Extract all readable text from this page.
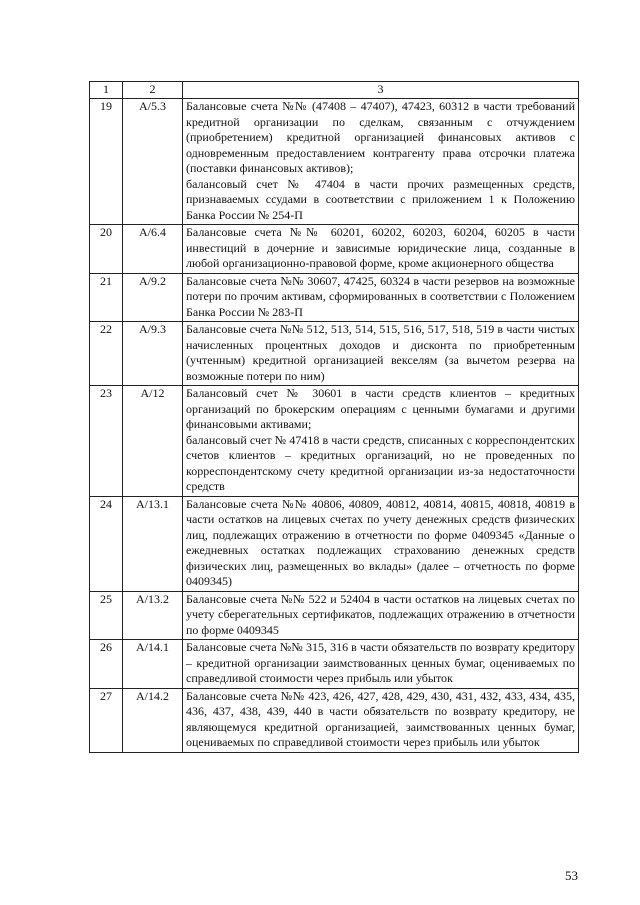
1	2	3
19	А/5.3	Балансовые счета №№ (47408 – 47407), 47423, 60312 в части требований кредитной организации по сделкам, связанным с отчуждением (приобретением) кредитной организацией финансовых активов с одновременным предоставлением контрагенту права отсрочки платежа (поставки финансовых активов);
балансовый счет № 47404 в части прочих размещенных средств, признаваемых ссудами в соответствии с приложением 1 к Положению Банка России № 254-П

20	А/6.4	Балансовые счета №№ 60201, 60202, 60203, 60204, 60205 в части инвестиций в дочерние и зависимые юридические лица, созданные в любой организационно-правовой форме, кроме акционерного общества

21	А/9.2	Балансовые счета №№ 30607, 47425, 60324 в части резервов на возможные потери по прочим активам, сформированных в соответствии с Положением Банка России № 283-П

22	А/9.3	Балансовые счета №№ 512, 513, 514, 515, 516, 517, 518, 519 в части чистых начисленных процентных доходов и дисконта по приобретенным (учтенным) кредитной организацией векселям (за вычетом резерва на возможные потери по ним)

23	А/12	Балансовый счет № 30601 в части средств клиентов – кредитных организаций по брокерским операциям с ценными бумагами и другими финансовыми активами;
балансовый счет № 47418 в части средств, списанных с корреспондентских счетов клиентов – кредитных организаций, но не проведенных по корреспондентскому счету кредитной организации из-за недостаточности средств

24	А/13.1	Балансовые счета №№ 40806, 40809, 40812, 40814, 40815, 40818, 40819 в части остатков на лицевых счетах по учету денежных средств физических лиц, подлежащих отражению в отчетности по форме 0409345 «Данные о ежедневных остатках подлежащих страхованию денежных средств физических лиц, размещенных во вклады» (далее – отчетность по форме 0409345)

25	А/13.2	Балансовые счета №№ 522 и 52404 в части остатков на лицевых счетах по учету сберегательных сертификатов, подлежащих отражению в отчетности по форме 0409345

26	А/14.1	Балансовые счета №№ 315, 316 в части обязательств по возврату кредитору – кредитной организации заимствованных ценных бумаг, оцениваемых по справедливой стоимости через прибыль или убыток

27	А/14.2	Балансовые счета №№ 423, 426, 427, 428, 429, 430, 431, 432, 433, 434, 435, 436, 437, 438, 439, 440 в части обязательств по возврату кредитору, не являющемуся кредитной организацией, заимствованных ценных бумаг, оцениваемых по справедливой стоимости через прибыль или убыток
53
